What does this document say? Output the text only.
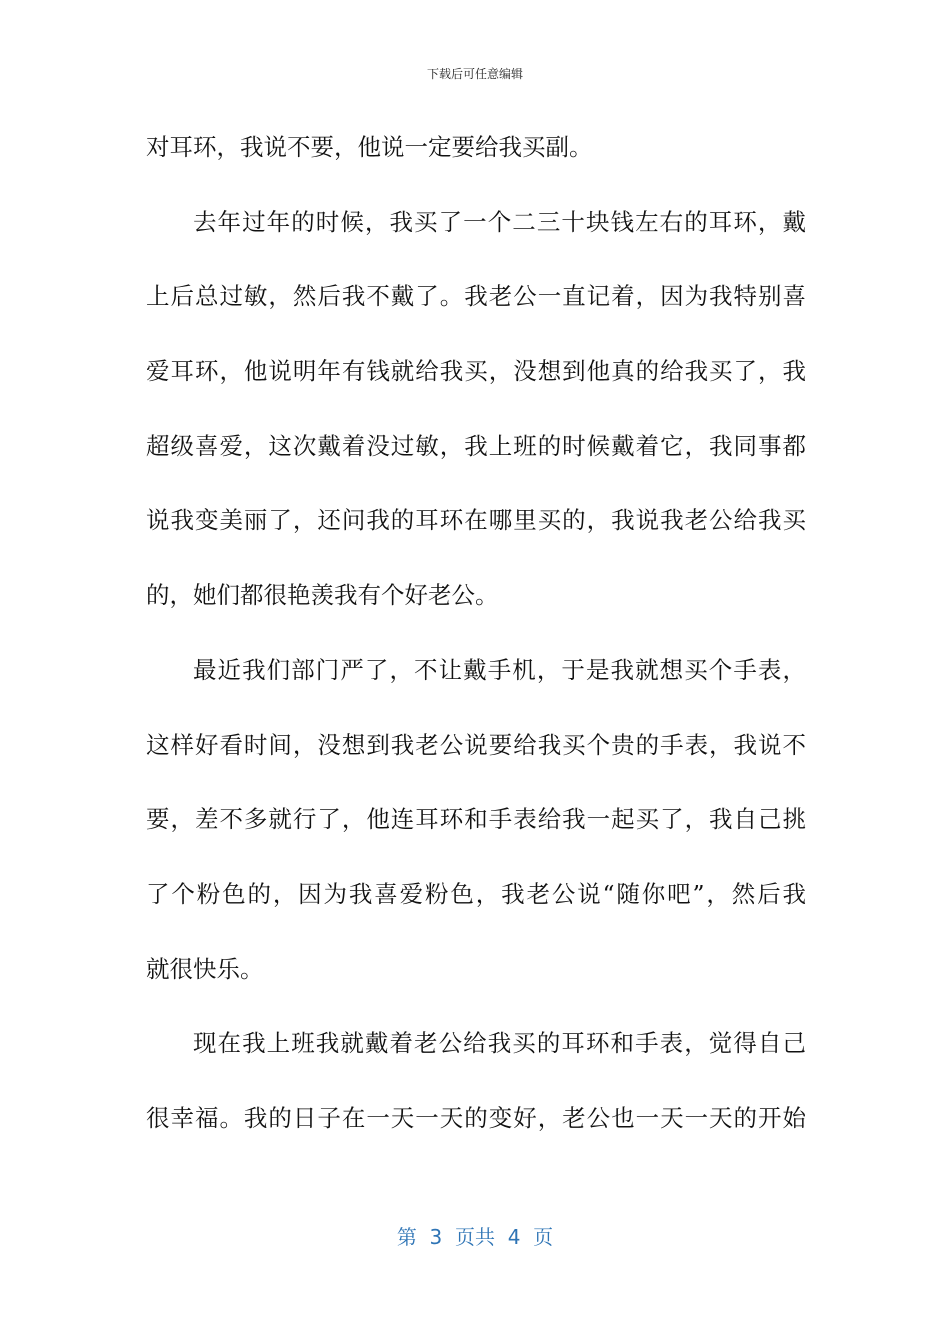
下载后可任意编辑
对耳环，我说不要，他说一定要给我买副。
去年过年的时候，我买了一个二三十块钱左右的耳环，戴
上后总过敏，然后我不戴了。我老公一直记着，因为我特别喜
爱耳环，他说明年有钱就给我买，没想到他真的给我买了，我
超级喜爱，这次戴着没过敏，我上班的时候戴着它，我同事都
说我变美丽了，还问我的耳环在哪里买的，我说我老公给我买
的，她们都很艳羡我有个好老公。
最近我们部门严了，不让戴手机，于是我就想买个手表，
这样好看时间，没想到我老公说要给我买个贵的手表，我说不
要，差不多就行了，他连耳环和手表给我一起买了，我自己挑
了个粉色的，因为我喜爱粉色，我老公说“随你吧”，然后我
就很快乐。
现在我上班我就戴着老公给我买的耳环和手表，觉得自己
很幸福。我的日子在一天一天的变好，老公也一天一天的开始
第  3  页共  4  页
